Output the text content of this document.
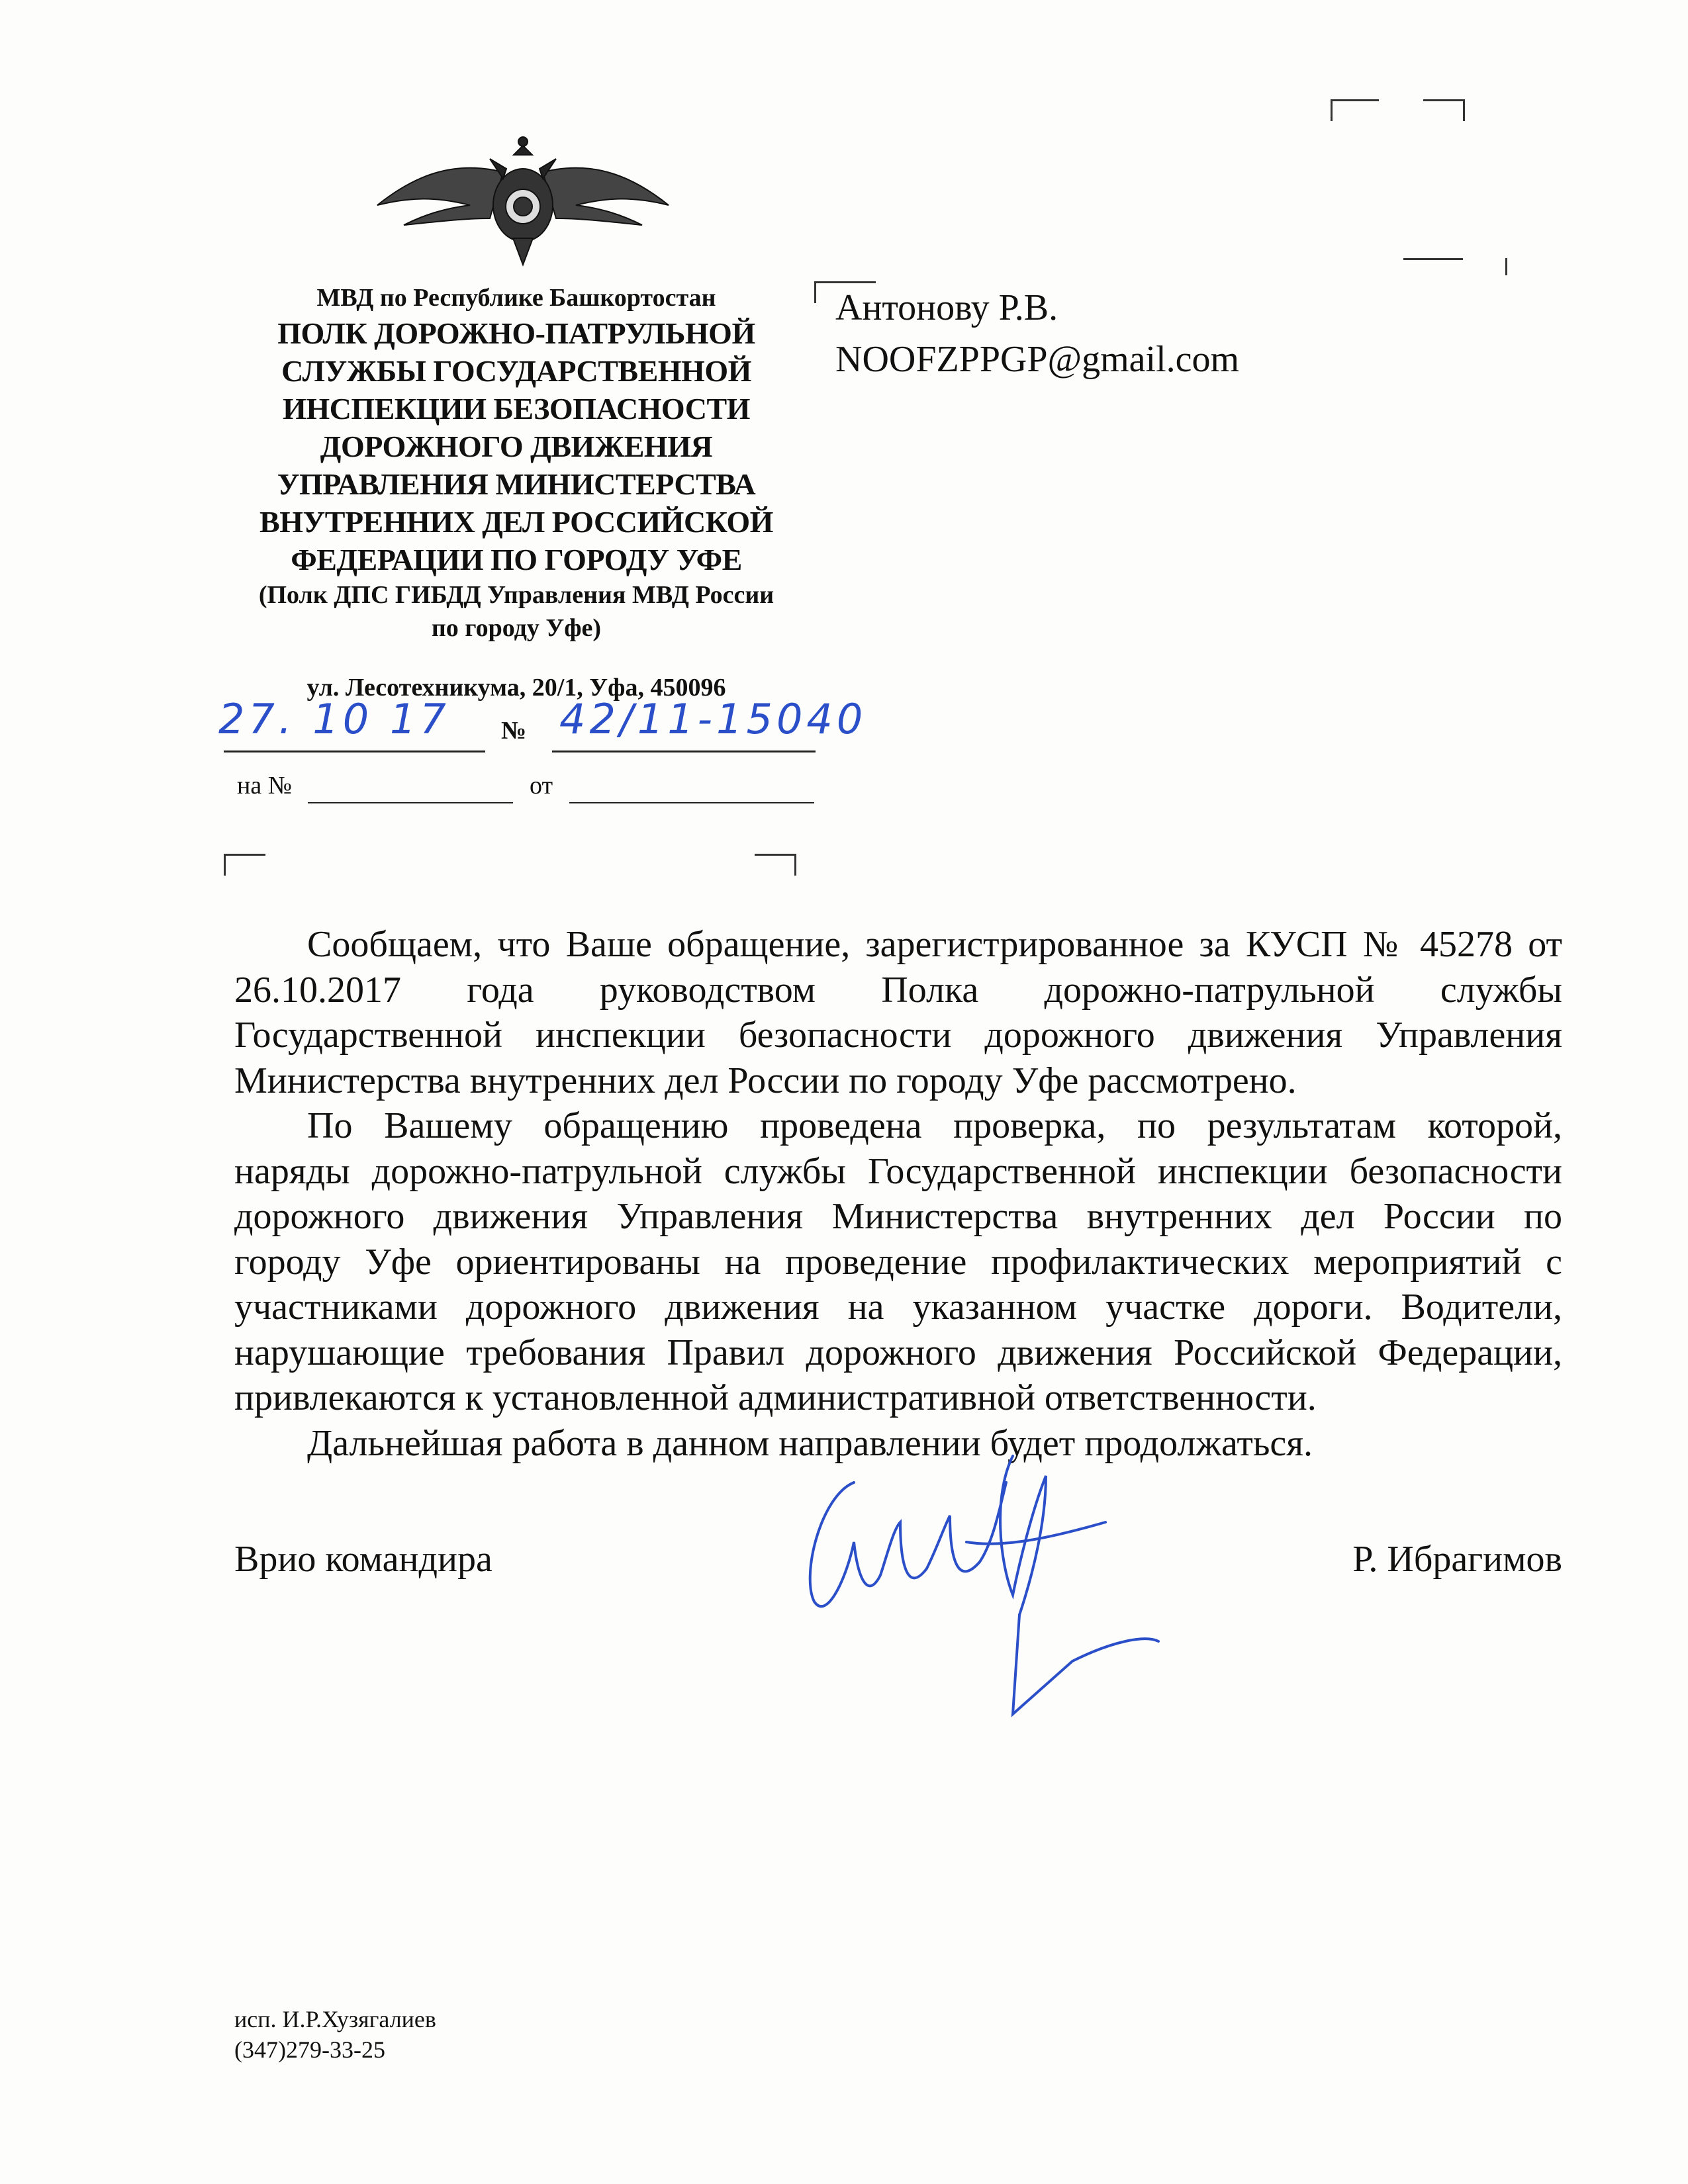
МВД по Республике Башкортостан
ПОЛК ДОРОЖНО-ПАТРУЛЬНОЙ
СЛУЖБЫ ГОСУДАРСТВЕННОЙ
ИНСПЕКЦИИ БЕЗОПАСНОСТИ
ДОРОЖНОГО ДВИЖЕНИЯ
УПРАВЛЕНИЯ МИНИСТЕРСТВА
ВНУТРЕННИХ ДЕЛ РОССИЙСКОЙ
ФЕДЕРАЦИИ ПО ГОРОДУ УФЕ
(Полк ДПС ГИБДД Управления МВД России
по городу Уфе)
ул. Лесотехникума, 20/1, Уфа, 450096
27. 10 17 № 42/11-15040
на №	от
Антонову Р.В.
NOOFZPPGP@gmail.com
Сообщаем, что Ваше обращение, зарегистрированное за КУСП № 45278 от
26.10.2017 года руководством Полка дорожно-патрульной службы
Государственной инспекции безопасности дорожного движения Управления
Министерства внутренних дел России по городу Уфе рассмотрено.
По Вашему обращению проведена проверка, по результатам которой,
наряды дорожно-патрульной службы Государственной инспекции безопасности
дорожного движения Управления Министерства внутренних дел России по
городу Уфе ориентированы на проведение профилактических мероприятий с
участниками дорожного движения на указанном участке дороги. Водители,
нарушающие требования Правил дорожного движения Российской Федерации,
привлекаются к установленной административной ответственности.
Дальнейшая работа в данном направлении будет продолжаться.
Врио командира	Р. Ибрагимов
исп. И.Р.Хузягалиев
(347)279-33-25
